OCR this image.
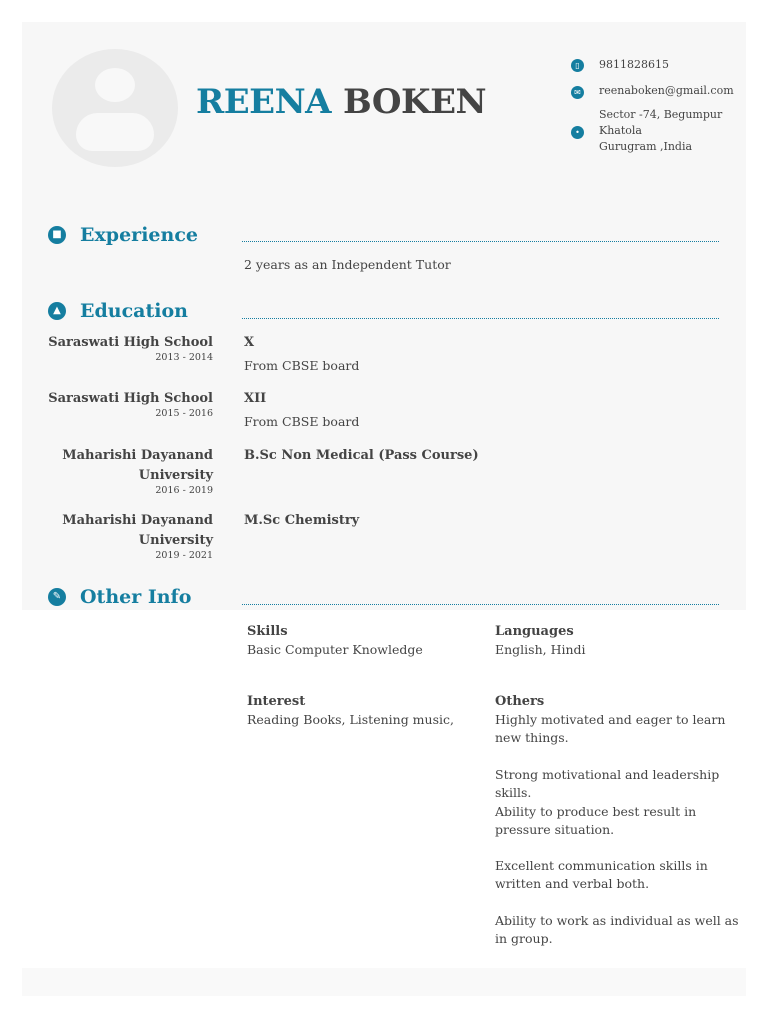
REENA BOKEN
▯	9811828615
✉ reenaboken@gmail.com
•
Sector -74, Begumpur
Khatola
Gurugram ,India
■ Experience
2 years as an Independent Tutor
▲ Education
Saraswati High School
2013 - 2014
X
From CBSE board
Saraswati High School
2015 - 2016
XII
From CBSE board
Maharishi Dayanand
University
2016 - 2019
B.Sc Non Medical (Pass Course)
Maharishi Dayanand
University
2019 - 2021
M.Sc Chemistry
✎ Other Info
Skills
Basic Computer Knowledge
Languages
English, Hindi
Interest
Reading Books, Listening music,
Others
Highly motivated and eager to learn new things.
Strong motivational and leadership skills.
Ability to produce best result in pressure situation.
Excellent communication skills in written and verbal both.
Ability to work as individual as well as in group.
